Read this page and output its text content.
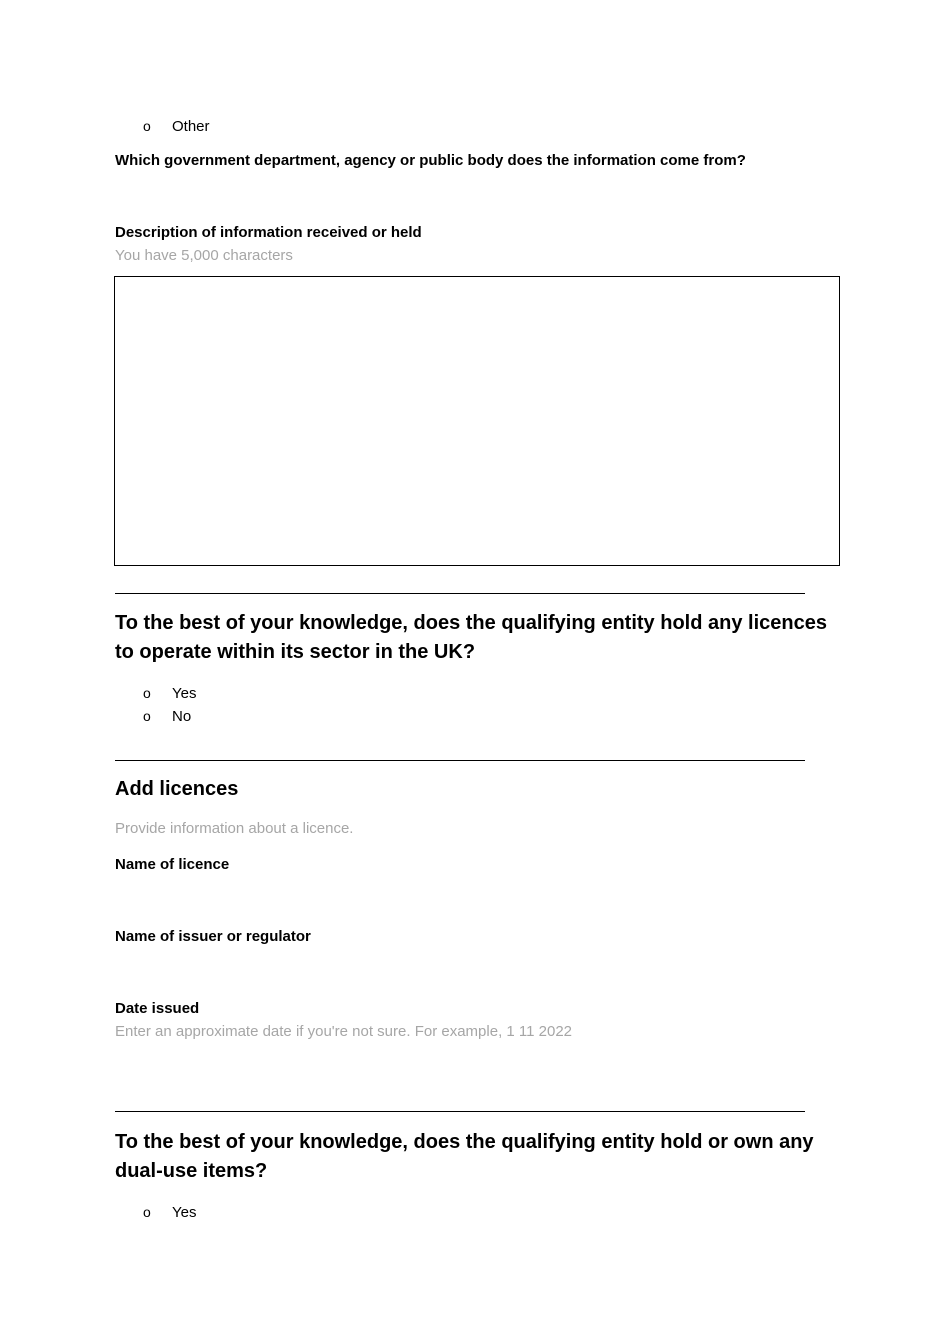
o Other

Which government department, agency or public body does the information come from?

Description of information received or held

You have 5,000 characters

To the best of your knowledge, does the qualifying entity hold any licences to operate within its sector in the UK?
o Yes
o No
Add licences

Provide information about a licence.

Name of licence

Name of issuer or regulator

Date issued

Enter an approximate date if you're not sure. For example, 1 11 2022

To the best of your knowledge, does the qualifying entity hold or own any dual-use items?
o Yes
